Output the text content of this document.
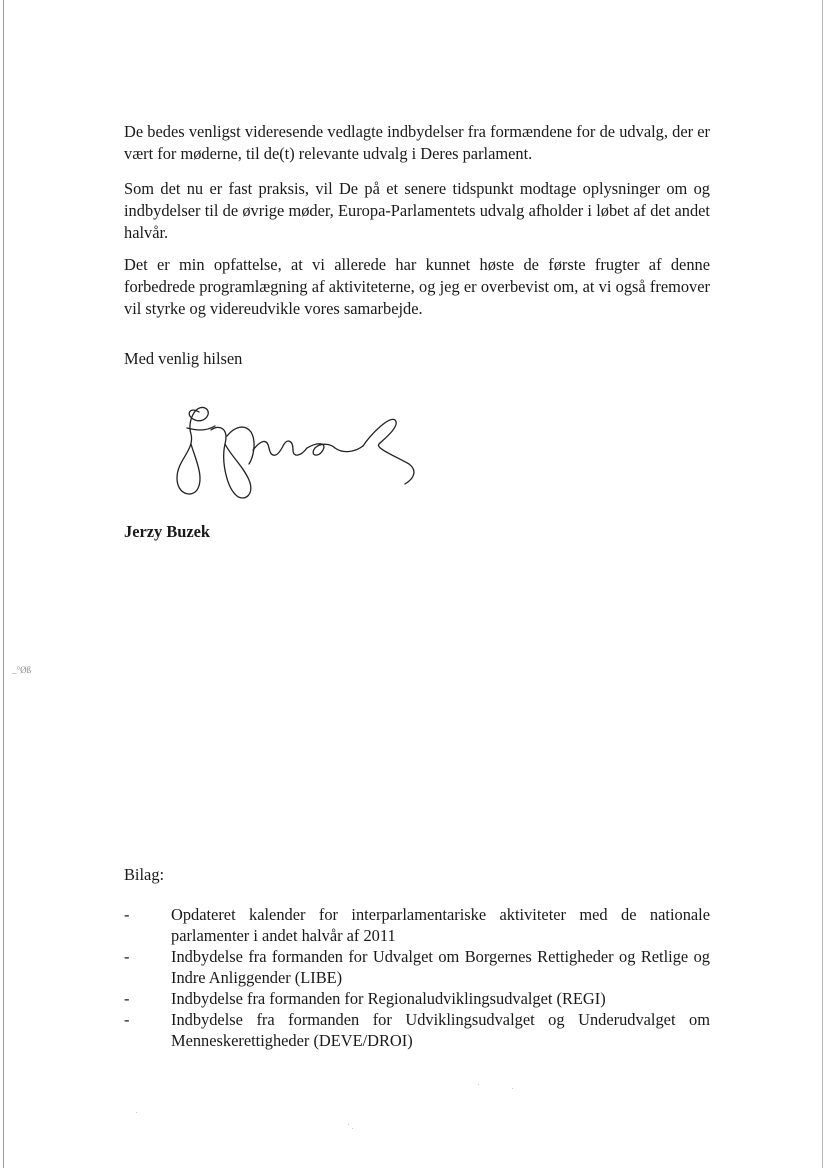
De bedes venligst videresende vedlagte indbydelser fra formændene for de udvalg, der er vært for møderne, til de(t) relevante udvalg i Deres parlament.

Som det nu er fast praksis, vil De på et senere tidspunkt modtage oplysninger om og indbydelser til de øvrige møder, Europa-Parlamentets udvalg afholder i løbet af det andet halvår.

Det er min opfattelse, at vi allerede har kunnet høste de første frugter af denne forbedrede programlægning af aktiviteterne, og jeg er overbevist om, at vi også fremover vil styrke og videreudvikle vores samarbejde.

Med venlig hilsen

Jerzy Buzek

_°Øß

Bilag:

-	Opdateret kalender for interparlamentariske aktiviteter med de nationale parlamenter i andet halvår af 2011
-	Indbydelse fra formanden for Udvalget om Borgernes Rettigheder og Retlige og Indre Anliggender (LIBE)
-	Indbydelse fra formanden for Regionaludviklingsudvalget (REGI)
-	Indbydelse fra formanden for Udviklingsudvalget og Underudvalget om Menneskerettigheder (DEVE/DROI)
